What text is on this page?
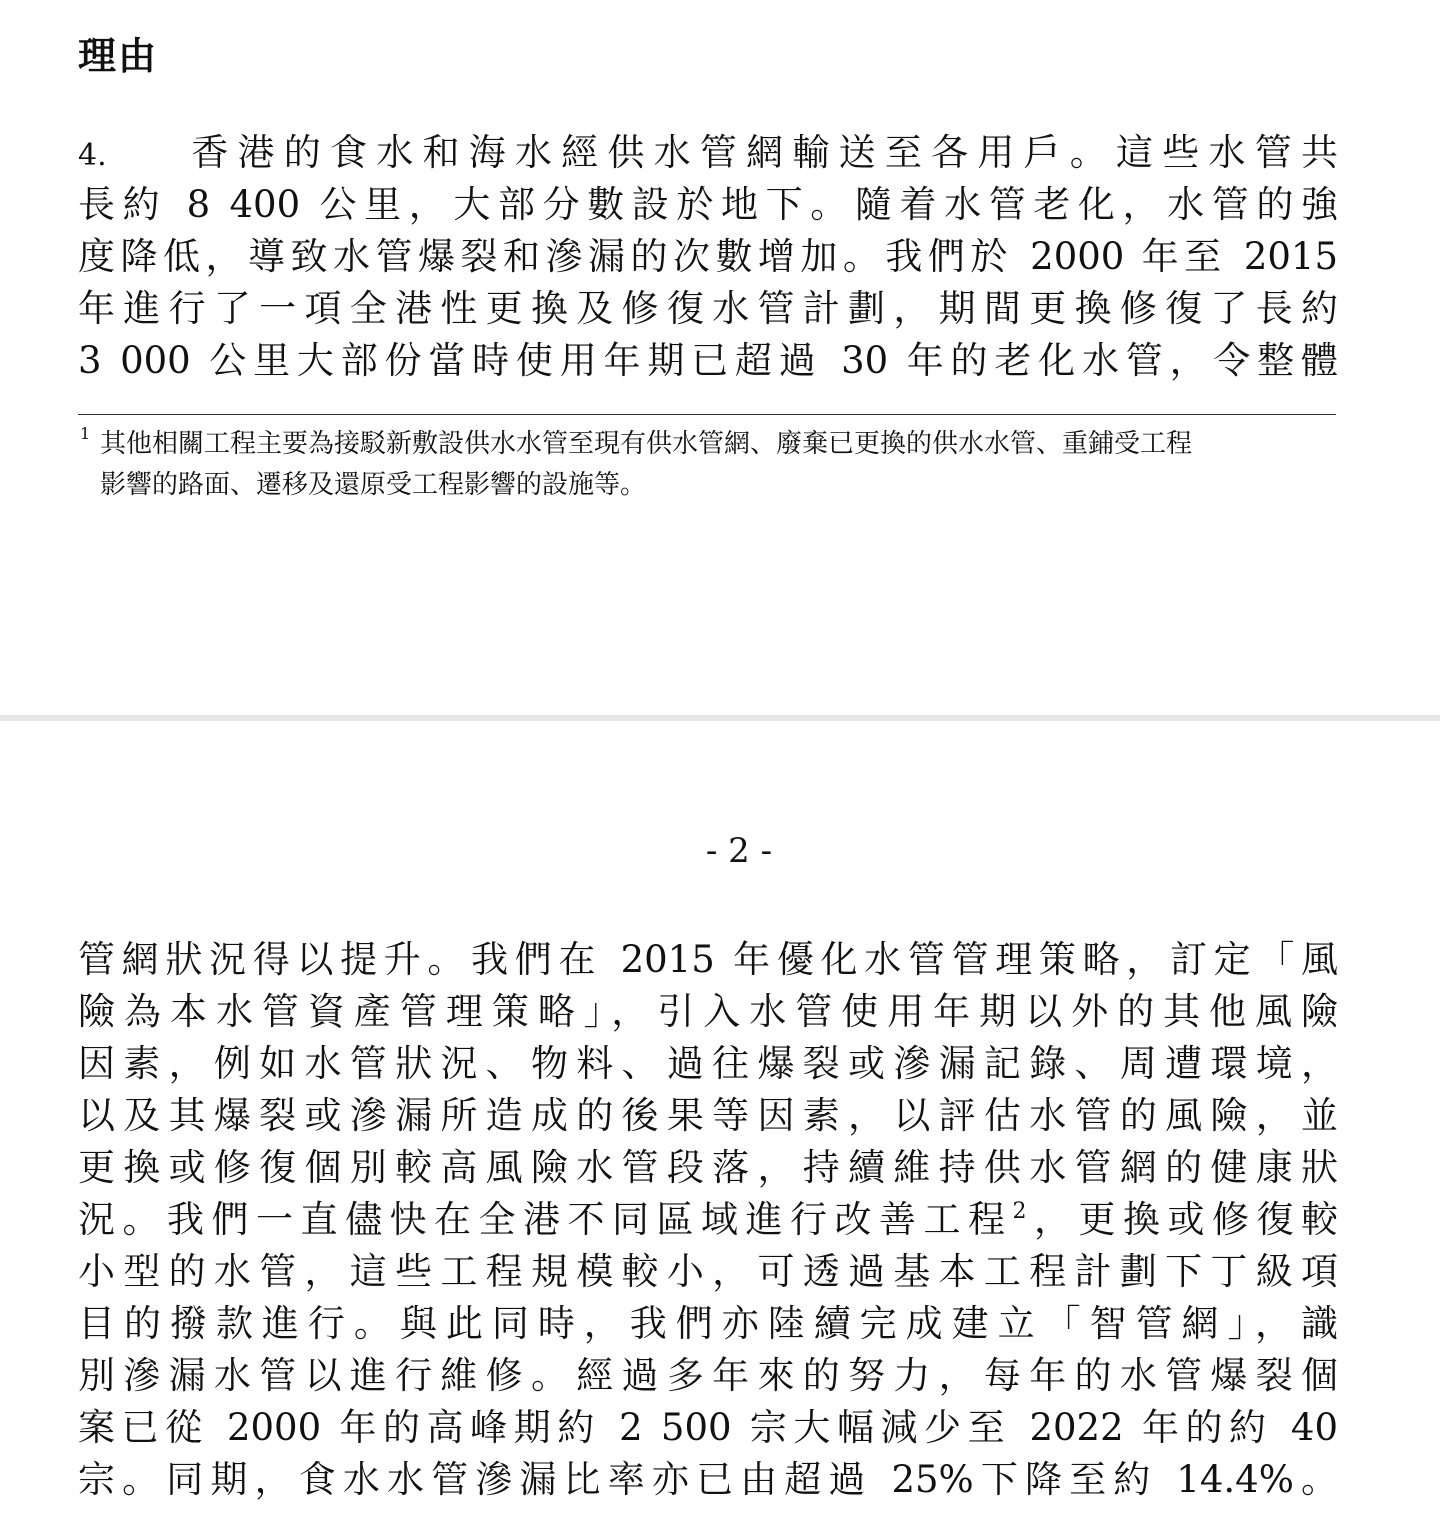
理由
4. 香港的食水和海水經供水管網輸送至各用戶。這些水管共
長約 8 400 公里，大部分數設於地下。隨着水管老化，水管的強
度降低，導致水管爆裂和滲漏的次數增加。我們於 2000 年至 2015
年進行了一項全港性更換及修復水管計劃，期間更換修復了長約
3 000 公里大部份當時使用年期已超過 30 年的老化水管，令整體
1 其他相關工程主要為接駁新敷設供水水管至現有供水管網、廢棄已更換的供水水管、重鋪受工程
影響的路面、遷移及還原受工程影響的設施等。
- 2 -
管網狀況得以提升。我們在 2015 年優化水管管理策略，訂定「風
險為本水管資產管理策略」，引入水管使用年期以外的其他風險
因素，例如水管狀況、物料、過往爆裂或滲漏記錄、周遭環境，
以及其爆裂或滲漏所造成的後果等因素，以評估水管的風險，並
更換或修復個別較高風險水管段落，持續維持供水管網的健康狀
況。我們一直儘快在全港不同區域進行改善工程$^2$，更換或修復較
小型的水管，這些工程規模較小，可透過基本工程計劃下丁級項
目的撥款進行。與此同時，我們亦陸續完成建立「智管網」，識
別滲漏水管以進行維修。經過多年來的努力，每年的水管爆裂個
案已從 2000 年的高峰期約 2 500 宗大幅減少至 2022 年的約 40
宗。同期，食水水管滲漏比率亦已由超過 25%下降至約 14.4%。
